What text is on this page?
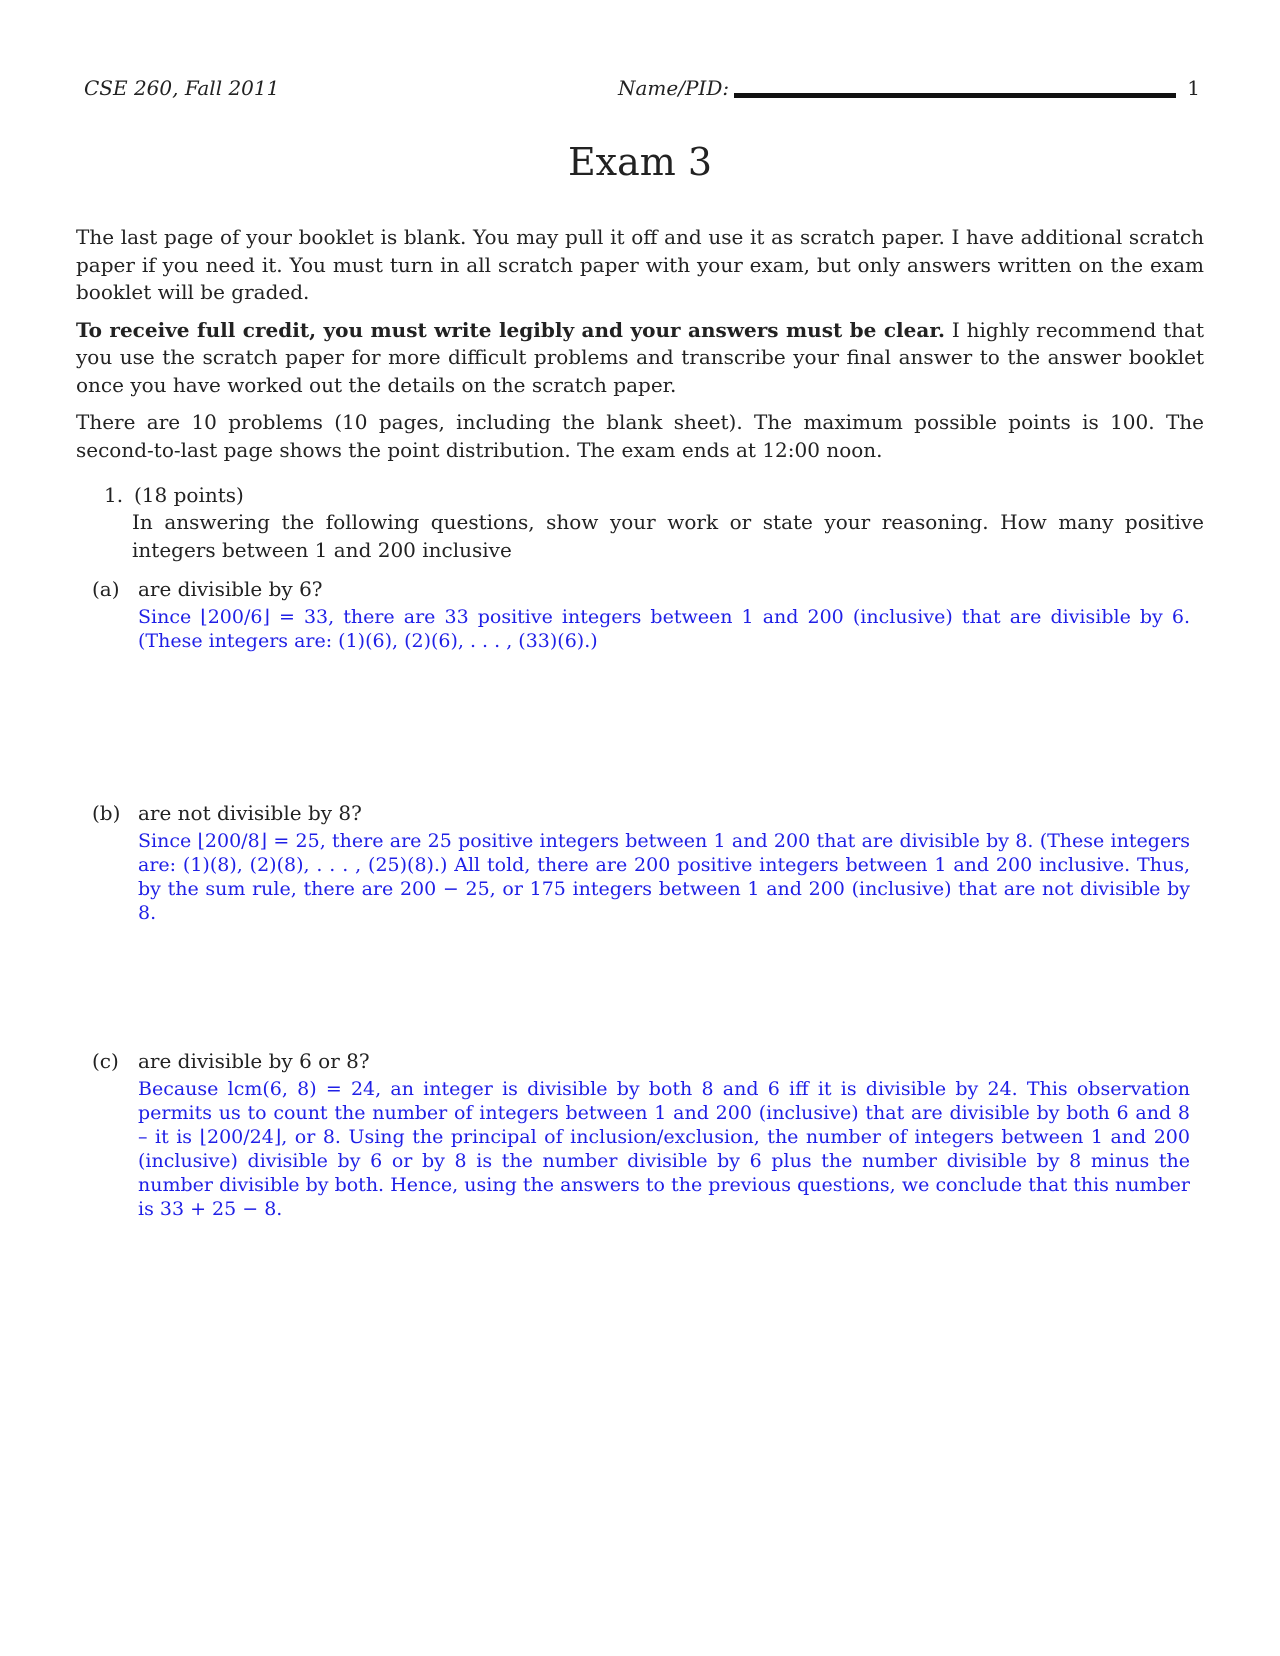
CSE 260, Fall 2011	Name/PID:	1
Exam 3

The last page of your booklet is blank. You may pull it off and use it as scratch paper. I have additional scratch paper if you need it. You must turn in all scratch paper with your exam, but only answers written on the exam booklet will be graded.

To receive full credit, you must write legibly and your answers must be clear. I highly recommend that you use the scratch paper for more difficult problems and transcribe your final answer to the answer booklet once you have worked out the details on the scratch paper.

There are 10 problems (10 pages, including the blank sheet). The maximum possible points is 100. The second-to-last page shows the point distribution. The exam ends at 12:00 noon.

1. (18 points)
In answering the following questions, show your work or state your reasoning. How many positive integers between 1 and 200 inclusive
(a) are divisible by 6?
Since ⌊200/6⌋ = 33, there are 33 positive integers between 1 and 200 (inclusive) that are divisible by 6. (These integers are: (1)(6), (2)(6), . . . , (33)(6).)
(b) are not divisible by 8?
Since ⌊200/8⌋ = 25, there are 25 positive integers between 1 and 200 that are divisible by 8. (These integers are: (1)(8), (2)(8), . . . , (25)(8).) All told, there are 200 positive integers between 1 and 200 inclusive. Thus, by the sum rule, there are 200 − 25, or 175 integers between 1 and 200 (inclusive) that are not divisible by 8.
(c) are divisible by 6 or 8?
Because lcm(6, 8) = 24, an integer is divisible by both 8 and 6 iff it is divisible by 24. This observation permits us to count the number of integers between 1 and 200 (inclusive) that are divisible by both 6 and 8 – it is ⌊200/24⌋, or 8. Using the principal of inclusion/exclusion, the number of integers between 1 and 200 (inclusive) divisible by 6 or by 8 is the number divisible by 6 plus the number divisible by 8 minus the number divisible by both. Hence, using the answers to the previous questions, we conclude that this number is 33 + 25 − 8.
